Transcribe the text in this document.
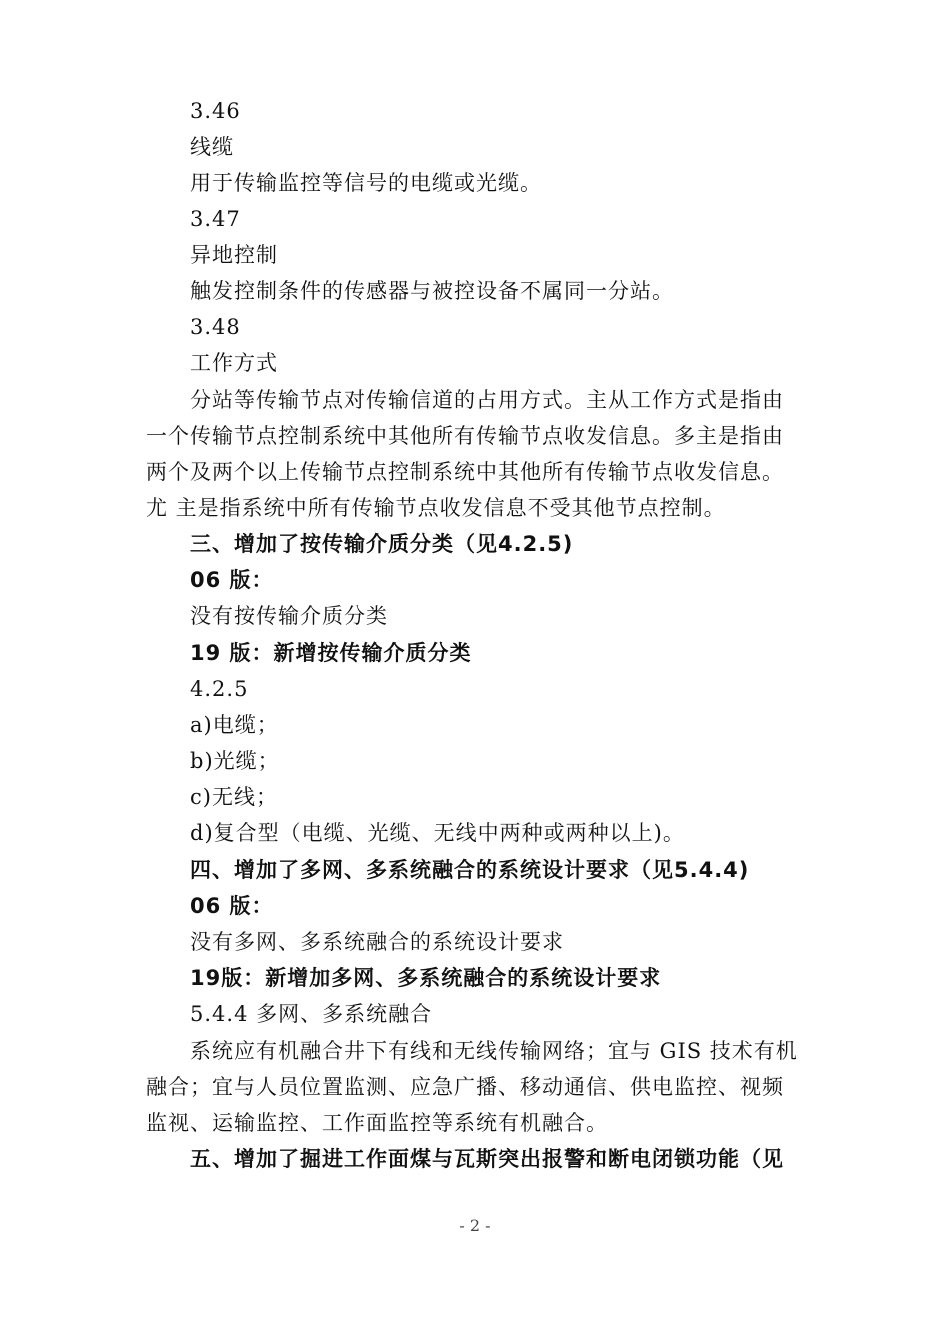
3.46
线缆
用于传输监控等信号的电缆或光缆。
3.47
异地控制
触发控制条件的传感器与被控设备不属同一分站。
3.48
工作方式
分站等传输节点对传输信道的占用方式。主从工作方式是指由
一个传输节点控制系统中其他所有传输节点收发信息。多主是指由
两个及两个以上传输节点控制系统中其他所有传输节点收发信息。
尤 主是指系统中所有传输节点收发信息不受其他节点控制。
三、增加了按传输介质分类（见4.2.5)
06 版：
没有按传输介质分类
19 版：新增按传输介质分类
4.2.5
a)电缆；
b)光缆；
c)无线；
d)复合型（电缆、光缆、无线中两种或两种以上)。
四、增加了多网、多系统融合的系统设计要求（见5.4.4)
06 版：
没有多网、多系统融合的系统设计要求
19版：新增加多网、多系统融合的系统设计要求
5.4.4 多网、多系统融合
系统应有机融合井下有线和无线传输网络；宜与 GIS 技术有机
融合；宜与人员位置监测、应急广播、移动通信、供电监控、视频
监视、运输监控、工作面监控等系统有机融合。
五、增加了掘进工作面煤与瓦斯突出报警和断电闭锁功能（见
- 2 -
